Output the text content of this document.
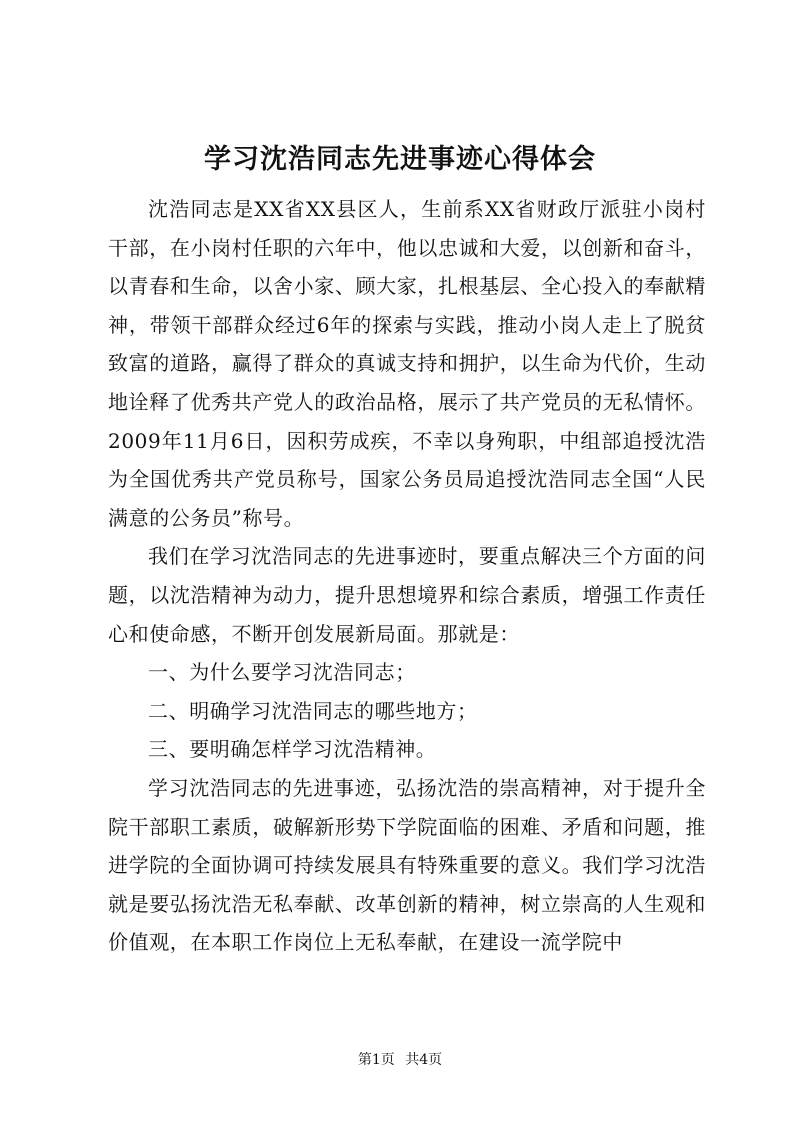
学习沈浩同志先进事迹心得体会

沈浩同志是XX省XX县区人，生前系XX省财政厅派驻小岗村干部，在小岗村任职的六年中，他以忠诚和大爱，以创新和奋斗，以青春和生命，以舍小家、顾大家，扎根基层、全心投入的奉献精神，带领干部群众经过6年的探索与实践，推动小岗人走上了脱贫致富的道路，赢得了群众的真诚支持和拥护，以生命为代价，生动地诠释了优秀共产党人的政治品格，展示了共产党员的无私情怀。2009年11月6日，因积劳成疾，不幸以身殉职，中组部追授沈浩为全国优秀共产党员称号，国家公务员局追授沈浩同志全国“人民满意的公务员”称号。

我们在学习沈浩同志的先进事迹时，要重点解决三个方面的问题，以沈浩精神为动力，提升思想境界和综合素质，增强工作责任心和使命感，不断开创发展新局面。那就是：

一、为什么要学习沈浩同志；

二、明确学习沈浩同志的哪些地方；

三、要明确怎样学习沈浩精神。

学习沈浩同志的先进事迹，弘扬沈浩的崇高精神，对于提升全院干部职工素质，破解新形势下学院面临的困难、矛盾和问题，推进学院的全面协调可持续发展具有特殊重要的意义。我们学习沈浩就是要弘扬沈浩无私奉献、改革创新的精神，树立崇高的人生观和价值观，在本职工作岗位上无私奉献，在建设一流学院中

第1页 共4页
